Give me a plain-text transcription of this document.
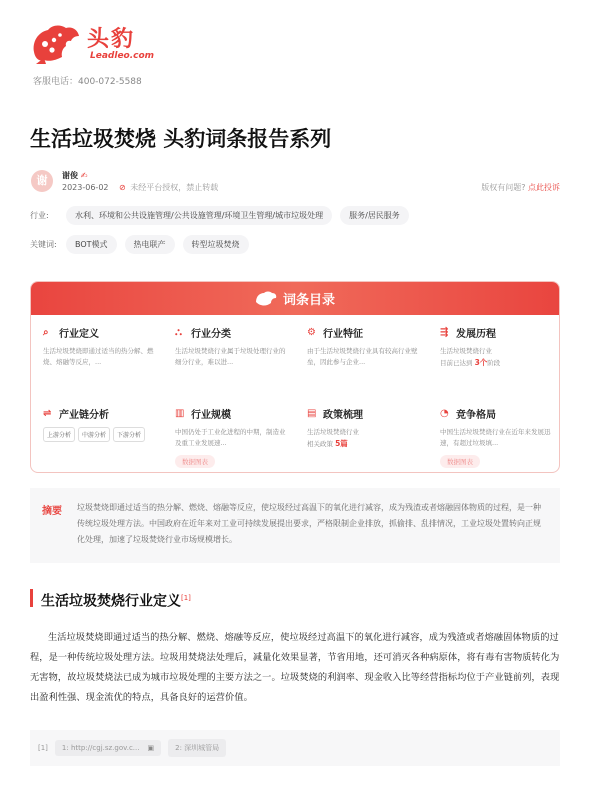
头豹
Leadleo.com
客服电话：400-072-5588
生活垃圾焚烧 头豹词条报告系列
谢	谢俊 ✍
2023-06-02 ⊘ 未经平台授权，禁止转载	版权有问题? 点此投诉
行业:	水利、环境和公共设施管理/公共设施管理/环境卫生管理/城市垃圾处理	服务/居民服务
关键词:	BOT模式	热电联产	转型垃圾焚烧
词条目录
⌕	行业定义
生活垃圾焚烧即通过适当的热分解、燃烧、熔融等反应，...
⛬ 行业分类
生活垃圾焚烧行业属于垃圾处理行业的细分行业，难以进...
⚙ 行业特征
由于生活垃圾焚烧行业具有较高行业壁垒，因此参与企业...
⇶ 发展历程
生活垃圾焚烧行业
目前已达到 3个阶段
⇌ 产业链分析
上游分析	中游分析	下游分析
▥ 行业规模
中国仍处于工业化进程的中期，制造业及重工业发展速...
数据图表
▤ 政策梳理
生活垃圾焚烧行业
相关政策 5篇
◔ 竞争格局
中国生活垃圾焚烧行业在近年来发展迅速，有超过垃圾填...
数据图表
摘要 垃圾焚烧即通过适当的热分解、燃烧、熔融等反应，使垃圾经过高温下的氧化进行减容，成为残渣或者熔融固体物质的过程，是一种传统垃圾处理方法。中国政府在近年来对工业可持续发展提出要求，严格限制企业排放，抓偷排、乱排情况，工业垃圾处置转向正规化处理，加速了垃圾焚烧行业市场规模增长。
生活垃圾焚烧行业定义[1]
生活垃圾焚烧即通过适当的热分解、燃烧、熔融等反应，使垃圾经过高温下的氧化进行减容，成为残渣或者熔融固体物质的过程，是一种传统垃圾处理方法。垃圾用焚烧法处理后，减量化效果显著，节省用地，还可消灭各种病原体，将有毒有害物质转化为无害物，故垃圾焚烧法已成为城市垃圾处理的主要方法之一。垃圾焚烧的利润率、现金收入比等经营指标均位于产业链前列，表现出盈利性强、现金流优的特点，具备良好的运营价值。
[1] 1: http://cgj.sz.gov.c... ▣	2: 深圳城管局
